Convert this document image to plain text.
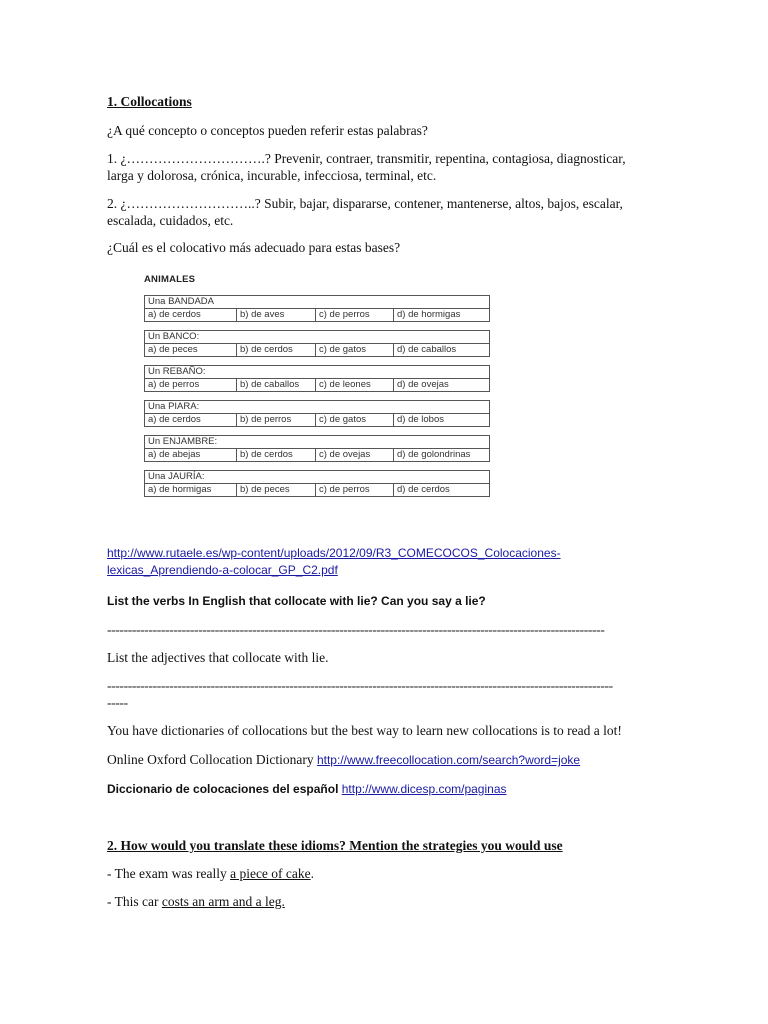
1. Collocations
¿A qué concepto o conceptos pueden referir estas palabras?
1. ¿………………………….? Prevenir, contraer, transmitir, repentina, contagiosa, diagnosticar,
larga y dolorosa, crónica, incurable, infecciosa, terminal, etc.
2. ¿………………………..? Subir, bajar, dispararse, contener, mantenerse, altos, bajos, escalar,
escalada, cuidados, etc.
¿Cuál es el colocativo más adecuado para estas bases?
ANIMALES
Una BANDADA
a) de cerdos	b) de aves	c) de perros	d) de hormigas
Un BANCO:
a) de peces	b) de cerdos	c) de gatos	d) de caballos
Un REBAÑO:
a) de perros	b) de caballos	c) de leones	d) de ovejas
Una PIARA:
a) de cerdos	b) de perros	c) de gatos	d) de lobos
Un ENJAMBRE:
a) de abejas	b) de cerdos	c) de ovejas	d) de golondrinas
Una JAURÍA:
a) de hormigas	b) de peces	c) de perros	d) de cerdos
http://www.rutaele.es/wp-content/uploads/2012/09/R3_COMECOCOS_Colocaciones-
lexicas_Aprendiendo-a-colocar_GP_C2.pdf
List the verbs In English that collocate with lie? Can you say a lie?
------------------------------------------------------------------------------------------------------------------------
List the adjectives that collocate with lie.
--------------------------------------------------------------------------------------------------------------------------
-----
You have dictionaries of collocations but the best way to learn new collocations is to read a lot!
Online Oxford Collocation Dictionary http://www.freecollocation.com/search?word=joke
Diccionario de colocaciones del español http://www.dicesp.com/paginas
2. How would you translate these idioms? Mention the strategies you would use
- The exam was really a piece of cake.
- This car costs an arm and a leg.
